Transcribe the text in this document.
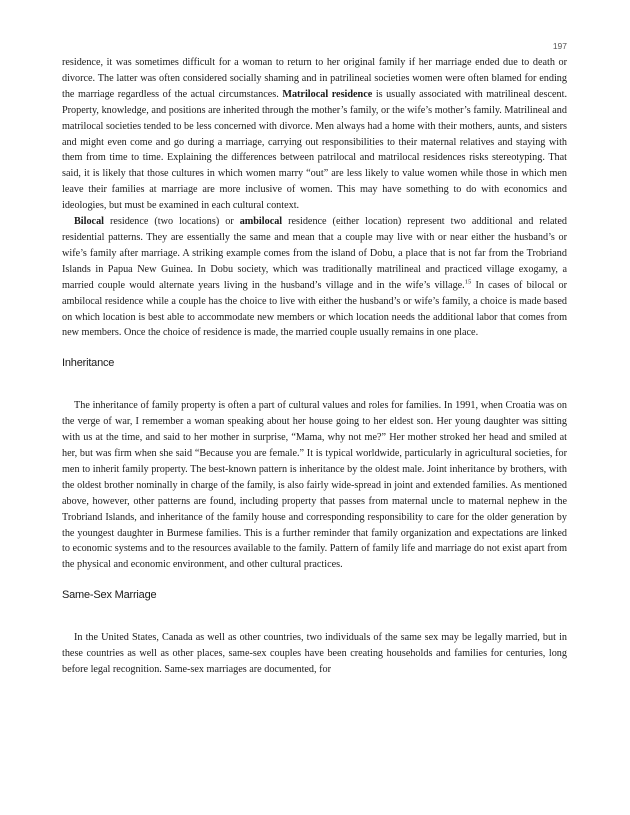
197

residence, it was sometimes difficult for a woman to return to her original family if her marriage ended due to death or divorce. The latter was often considered socially shaming and in patrilineal societies women were often blamed for ending the marriage regardless of the actual circumstances. Matrilocal residence is usually associated with matrilineal descent. Property, knowledge, and positions are inherited through the mother’s family, or the wife’s mother’s family. Matrilineal and matrilocal societies tended to be less concerned with divorce. Men always had a home with their mothers, aunts, and sisters and might even come and go during a marriage, carrying out responsibilities to their maternal relatives and staying with them from time to time. Explaining the differences between patrilocal and matrilocal residences risks stereotyping. That said, it is likely that those cultures in which women marry “out” are less likely to value women while those in which men leave their families at marriage are more inclusive of women. This may have something to do with economics and ideologies, but must be examined in each cultural context.

Bilocal residence (two locations) or ambilocal residence (either location) represent two additional and related residential patterns. They are essentially the same and mean that a couple may live with or near either the husband’s or wife’s family after marriage. A striking example comes from the island of Dobu, a place that is not far from the Trobriand Islands in Papua New Guinea. In Dobu society, which was traditionally matrilineal and practiced village exogamy, a married couple would alternate years living in the husband’s village and in the wife’s village.$^{15}$ In cases of bilocal or ambilocal residence while a couple has the choice to live with either the husband’s or wife’s family, a choice is made based on which location is best able to accommodate new members or which location needs the additional labor that comes from new members. Once the choice of residence is made, the married couple usually remains in one place.

Inheritance

The inheritance of family property is often a part of cultural values and roles for families. In 1991, when Croatia was on the verge of war, I remember a woman speaking about her house going to her eldest son. Her young daughter was sitting with us at the time, and said to her mother in surprise, “Mama, why not me?” Her mother stroked her head and smiled at her, but was firm when she said “Because you are female.” It is typical worldwide, particularly in agricultural societies, for men to inherit family property. The best-known pattern is inheritance by the oldest male. Joint inheritance by brothers, with the oldest brother nominally in charge of the family, is also fairly wide-spread in joint and extended families. As mentioned above, however, other patterns are found, including property that passes from maternal uncle to maternal nephew in the Trobriand Islands, and inheritance of the family house and corresponding responsibility to care for the older generation by the youngest daughter in Burmese families. This is a further reminder that family organization and expectations are linked to economic systems and to the resources available to the family. Pattern of family life and marriage do not exist apart from the physical and economic environment, and other cultural practices.

Same-Sex Marriage

In the United States, Canada as well as other countries, two individuals of the same sex may be legally married, but in these countries as well as other places, same-sex couples have been creating households and families for centuries, long before legal recognition. Same-sex marriages are documented, for
